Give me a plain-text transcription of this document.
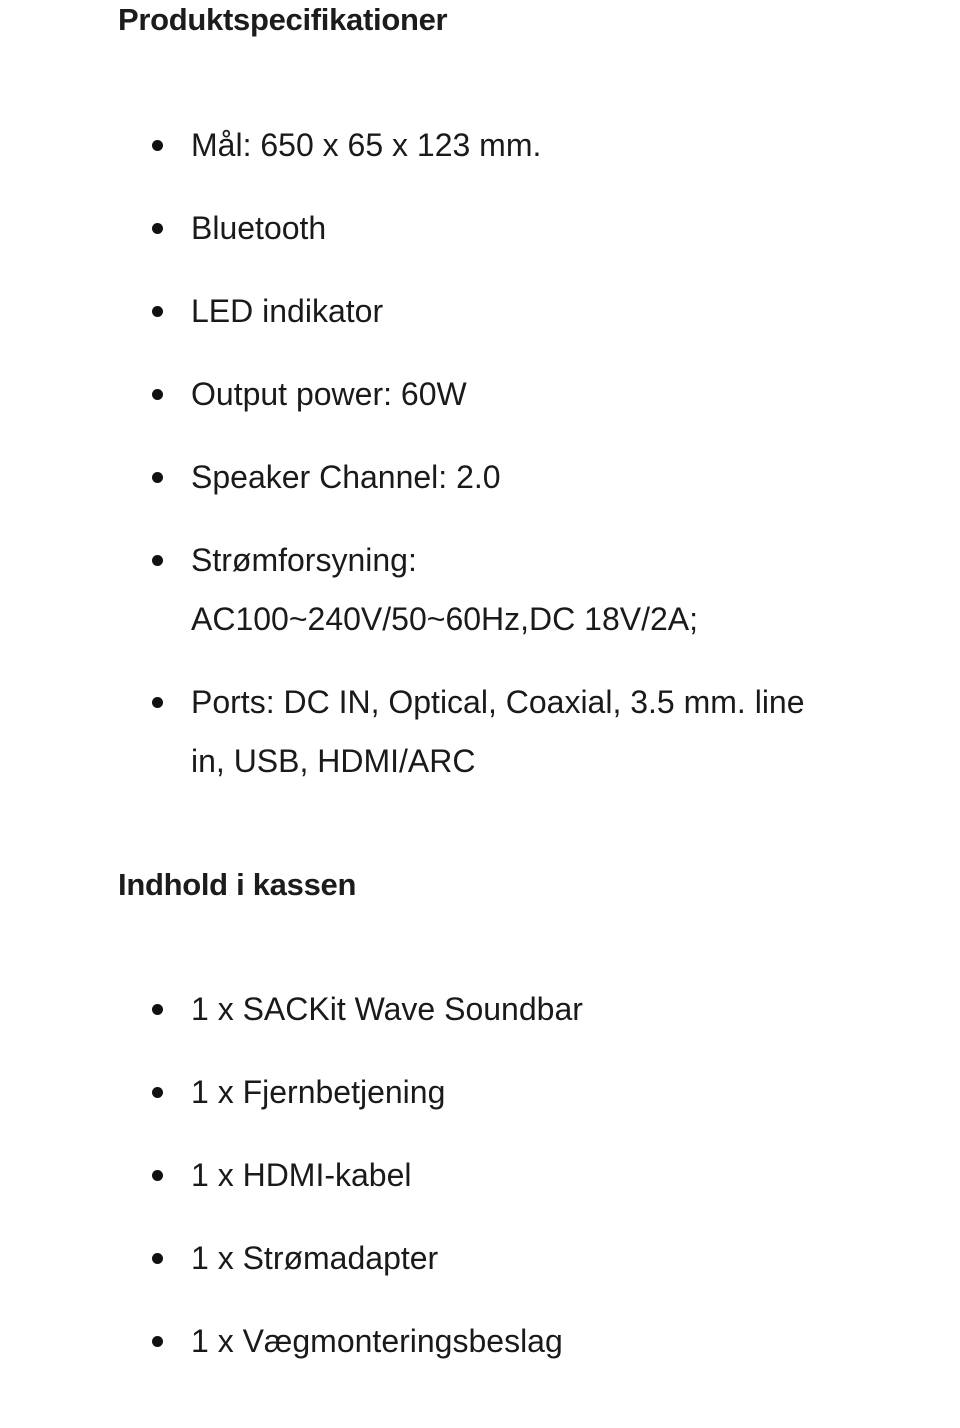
Produktspecifikationer
Mål: 650 x 65 x 123 mm.
Bluetooth
LED indikator
Output power: 60W
Speaker Channel: 2.0
Strømforsyning: AC100~240V/50~60Hz,DC 18V/2A;
Ports: DC IN, Optical, Coaxial, 3.5 mm. line in, USB, HDMI/ARC
Indhold i kassen
1 x SACKit Wave Soundbar
1 x Fjernbetjening
1 x HDMI-kabel
1 x Strømadapter
1 x Vægmonteringsbeslag
